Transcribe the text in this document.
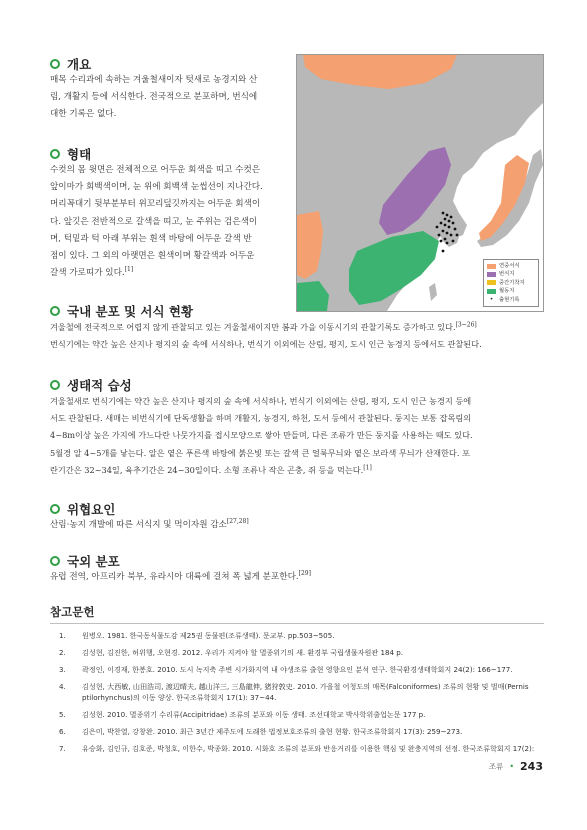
개요
매목 수리과에 속하는 겨울철새이자 텃새로 농경지와 산
림, 개활지 등에 서식한다. 전국적으로 분포하며, 번식에
대한 기록은 없다.
형태
수컷의 몸 윗면은 전체적으로 어두운 회색을 띠고 수컷은
앞이마가 회백색이며, 눈 위에 회백색 눈썹선이 지나간다.
머리꼭대기 뒷부분부터 위꼬리덮깃까지는 어두운 회색이
다. 앞깃은 전반적으로 갈색을 띠고, 눈 주위는 검은색이
며, 턱밑과 턱 아래 부위는 흰색 바탕에 어두운 갈색 반
점이 있다. 그 외의 아랫면은 흰색이며 황갈색과 어두운
갈색 가로띠가 있다.[1]
연중서식
번식지
중간기착지
월동지
•	출현기록
국내 분포 및 서식 현황
겨울철에 전국적으로 어렵지 않게 관찰되고 있는 겨울철새이지만 봄과 가을 이동시기의 관찰기록도 증가하고 있다.[3~26]
번식기에는 약간 높은 산지나 평지의 숲 속에 서식하나, 번식기 이외에는 산림, 평지, 도시 인근 농경지 등에서도 관찰된다.
생태적 습성
겨울철새로 번식기에는 약간 높은 산지나 평지의 숲 속에 서식하나, 번식기 이외에는 산림, 평지, 도시 인근 농경지 등에
서도 관찰된다. 새매는 비번식기에 단독생활을 하며 개활지, 농경지, 하천, 도서 등에서 관찰된다. 둥지는 보통 잡목림의
4~8m이상 높은 가지에 가느다란 나뭇가지를 접시모양으로 쌓아 만들며, 다른 조류가 만든 둥지를 사용하는 때도 있다.
5월경 알 4~5개를 낳는다. 알은 옅은 푸른색 바탕에 붉은빛 또는 갈색 큰 얼룩무늬와 옅은 보라색 무늬가 산재한다. 포
란기간은 32~34일, 육추기간은 24~30일이다. 소형 조류나 작은 곤충, 쥐 등을 먹는다.[1]
위협요인
산림·농지 개발에 따른 서식지 및 먹이자원 감소[27,28]
국외 분포
유럽 전역, 아프리카 북부, 유라시아 대륙에 걸쳐 폭 넓게 분포한다.[29]
참고문헌
1. 원병오. 1981. 한국동식물도감 제25권 동물편(조류생태). 문교부. pp.503~505.
2. 김성현, 김진한, 허위행, 오현경. 2012. 우리가 지켜야 할 멸종위기의 새. 환경부 국립생물자원관 184 p.
3. 곽정인, 이경재, 한봉호. 2010. 도시 녹지축 주변 시가화지역 내 야생조류 출현 영향요인 분석 연구. 한국환경생태학회지 24(2): 166~177.
4. 김성현, 大西敏, 山田浩司, 渡辺晴夫, 越山洋三, 三島龍伸, 猪狩敦史. 2010. 가을철 어청도의 매목(Falconiformes) 조류의 현황 및 벌매(Pernis ptilorhynchus)의 이동 양상. 한국조류학회지 17(1): 37~44.
5. 김성현. 2010. 멸종위기 수리류(Accipitridae) 조류의 분포와 이동 생태. 조선대학교 박사학위출업논문 177 p.
6. 김은미, 박찬열, 강창완. 2010. 최근 3년간 제주도에 도래한 법정보호조류의 출현 현황. 한국조류학회지 17(3): 259~273.
7. 유승화, 김인규, 김호준, 박청호, 이한수, 박종화. 2010. 시화호 조류의 분포와 반응거리를 이용한 핵심 및 완충지역의 선정. 한국조류학회지 17(2):
조류 • 243
